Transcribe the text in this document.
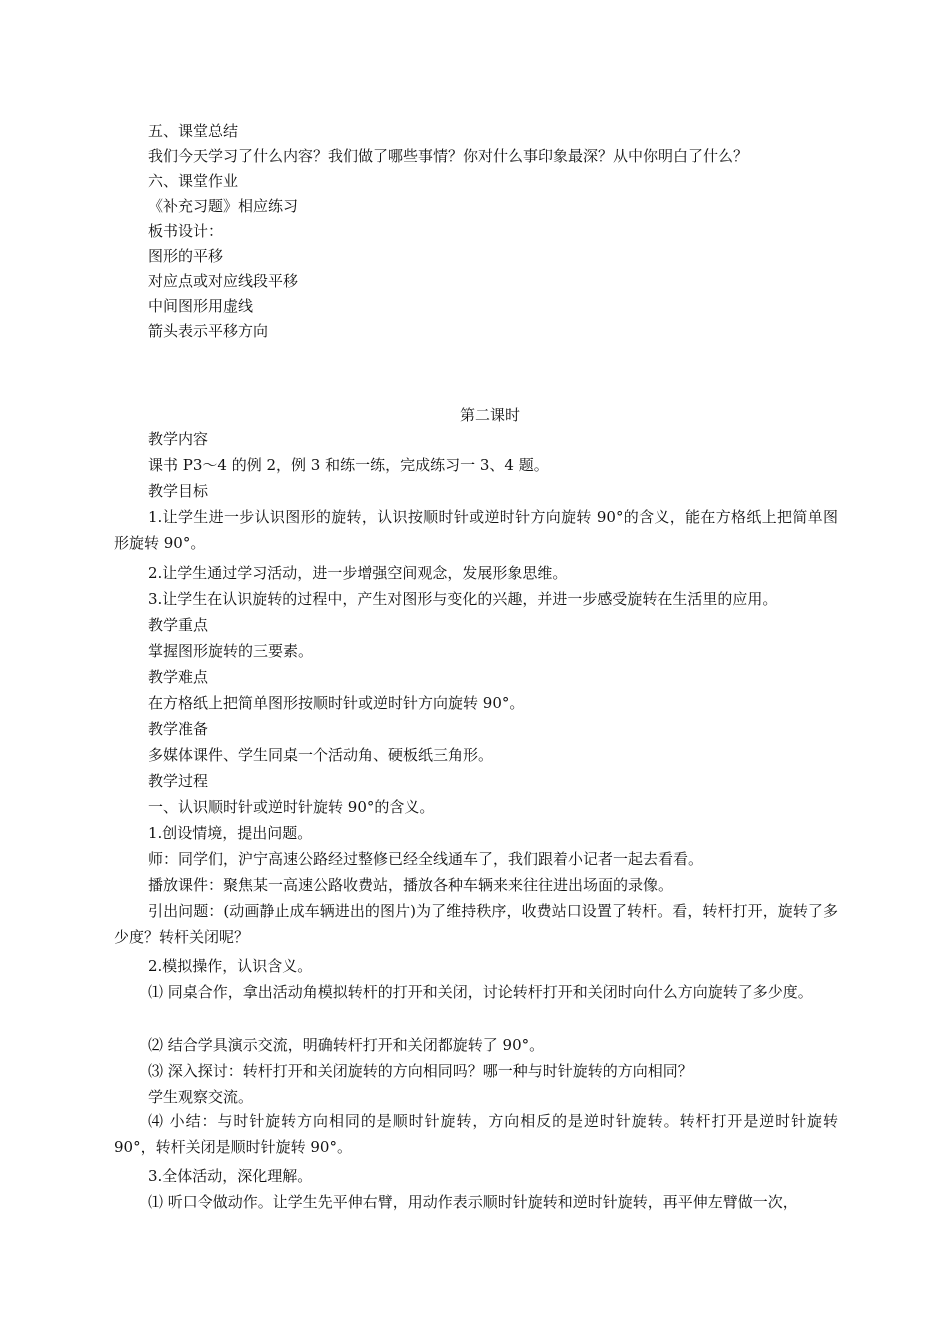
五、课堂总结
我们今天学习了什么内容？我们做了哪些事情？你对什么事印象最深？从中你明白了什么？
六、课堂作业
《补充习题》相应练习
板书设计：
图形的平移
对应点或对应线段平移
中间图形用虚线
箭头表示平移方向
第二课时
教学内容
课书 P3～4 的例 2，例 3 和练一练，完成练习一 3、4 题。
教学目标
1.让学生进一步认识图形的旋转，认识按顺时针或逆时针方向旋转 90°的含义，能在方格纸上把简单图形旋转 90°。
2.让学生通过学习活动，进一步增强空间观念，发展形象思维。
3.让学生在认识旋转的过程中，产生对图形与变化的兴趣，并进一步感受旋转在生活里的应用。
教学重点
掌握图形旋转的三要素。
教学难点
在方格纸上把简单图形按顺时针或逆时针方向旋转 90°。
教学准备
多媒体课件、学生同桌一个活动角、硬板纸三角形。
教学过程
一、认识顺时针或逆时针旋转 90°的含义。
1.创设情境，提出问题。
师：同学们，沪宁高速公路经过整修已经全线通车了，我们跟着小记者一起去看看。
播放课件：聚焦某一高速公路收费站，播放各种车辆来来往往进出场面的录像。
引出问题：(动画静止成车辆进出的图片)为了维持秩序，收费站口设置了转杆。看，转杆打开，旋转了多少度？转杆关闭呢？
2.模拟操作，认识含义。
⑴ 同桌合作，拿出活动角模拟转杆的打开和关闭，讨论转杆打开和关闭时向什么方向旋转了多少度。
⑵ 结合学具演示交流，明确转杆打开和关闭都旋转了 90°。
⑶ 深入探讨：转杆打开和关闭旋转的方向相同吗？哪一种与时针旋转的方向相同？
学生观察交流。
⑷ 小结：与时针旋转方向相同的是顺时针旋转，方向相反的是逆时针旋转。转杆打开是逆时针旋转 90°，转杆关闭是顺时针旋转 90°。
3.全体活动，深化理解。
⑴ 听口令做动作。让学生先平伸右臂，用动作表示顺时针旋转和逆时针旋转，再平伸左臂做一次，
